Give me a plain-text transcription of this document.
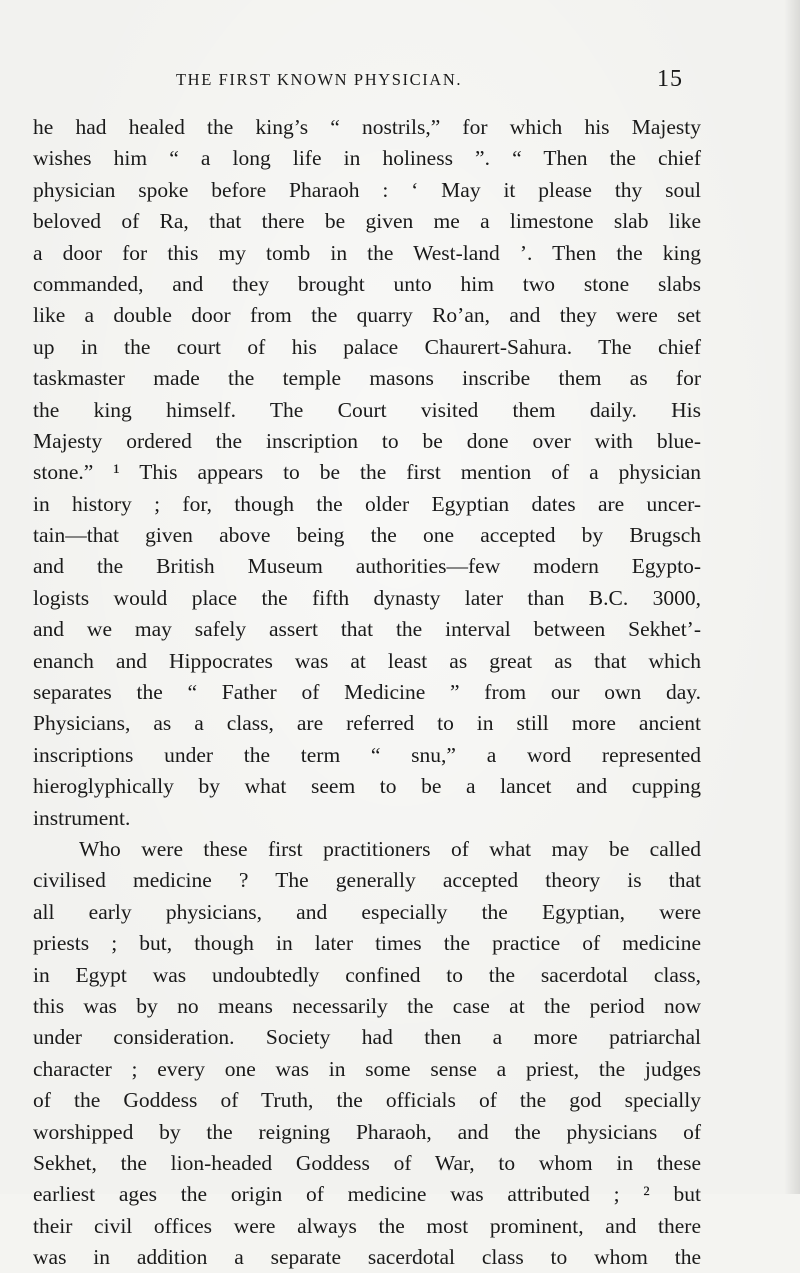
THE FIRST KNOWN PHYSICIAN.	15
he had healed the king’s “ nostrils,” for which his Majesty
wishes him “ a long life in holiness ”. “ Then the chief
physician spoke before Pharaoh : ‘ May it please thy soul
beloved of Ra, that there be given me a limestone slab like
a door for this my tomb in the West-land ’. Then the king
commanded, and they brought unto him two stone slabs
like a double door from the quarry Ro’an, and they were set
up in the court of his palace Chaurert-Sahura. The chief
taskmaster made the temple masons inscribe them as for
the king himself. The Court visited them daily. His
Majesty ordered the inscription to be done over with blue-
stone.” ¹ This appears to be the first mention of a physician
in history ; for, though the older Egyptian dates are uncer-
tain—that given above being the one accepted by Brugsch
and the British Museum authorities—few modern Egypto-
logists would place the fifth dynasty later than B.C. 3000,
and we may safely assert that the interval between Sekhet’-
enanch and Hippocrates was at least as great as that which
separates the “ Father of Medicine ” from our own day.
Physicians, as a class, are referred to in still more ancient
inscriptions under the term “ snu,” a word represented
hieroglyphically by what seem to be a lancet and cupping
instrument.
Who were these first practitioners of what may be called
civilised medicine ? The generally accepted theory is that
all early physicians, and especially the Egyptian, were
priests ; but, though in later times the practice of medicine
in Egypt was undoubtedly confined to the sacerdotal class,
this was by no means necessarily the case at the period now
under consideration. Society had then a more patriarchal
character ; every one was in some sense a priest, the judges
of the Goddess of Truth, the officials of the god specially
worshipped by the reigning Pharaoh, and the physicians of
Sekhet, the lion-headed Goddess of War, to whom in these
earliest ages the origin of medicine was attributed ; ² but
their civil offices were always the most prominent, and there
was in addition a separate sacerdotal class to whom the
